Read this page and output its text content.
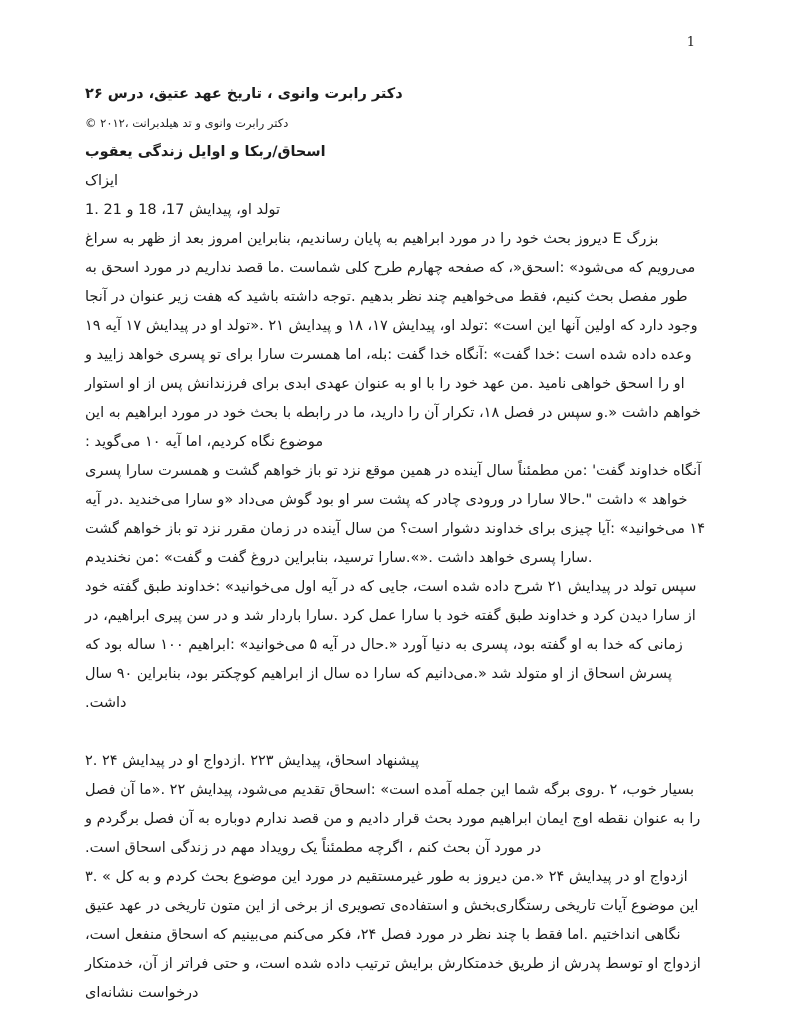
1
دکتر رابرت وانوی ، تاریخ عهد عتیق، درس ۲۶
دکتر رابرت وانوی و تد هیلدبرانت ،۲۰۱۲ ©
اسحاق/ربکا و اوایل زندگی یعقوب
ایزاک
تولد او، پیدایش 17، 18 و 21 .1

بزرگ E دیروز بحث خود را در مورد ابراهیم به پایان رساندیم، بنابراین امروز بعد از ظهر به سراغ می‌رویم که می‌شود» :اسحق«، که صفحه چهارم طرح کلی شماست .ما قصد نداریم در مورد اسحق به طور مفصل بحث کنیم، فقط می‌خواهیم چند نظر بدهیم .توجه داشته باشید که هفت زیر عنوان در آنجا وجود دارد که اولین آنها این است» :تولد او، پیدایش ۱۷، ۱۸ و پیدایش ۲۱ .«تولد او در پیدایش ۱۷ آیه ۱۹ وعده داده شده است :خدا گفت» :آنگاه خدا گفت :بله، اما همسرت سارا برای تو پسری خواهد زایید و او را اسحق خواهی نامید .من عهد خود را با او به عنوان عهدی ابدی برای فرزندانش پس از او استوار خواهم داشت «.و سپس در فصل ۱۸، تکرار آن را دارید، ما در رابطه با بحث خود در مورد ابراهیم به این موضوع نگاه کردیم، اما آیه ۱۰ می‌گوید :

آنگاه خداوند گفت' :من مطمئناً سال آینده در همین موقع نزد تو باز خواهم گشت و همسرت سارا پسری خواهد » داشت ".حالا سارا در ورودی چادر که پشت سر او بود گوش می‌داد «و سارا می‌خندید .در آیه ۱۴ می‌خوانید» :آیا چیزی برای خداوند دشوار است؟ من سال آینده در زمان مقرر نزد تو باز خواهم گشت .سارا پسری خواهد داشت .«».سارا ترسید، بنابراین دروغ گفت و گفت» :من نخندیدم

سپس تولد در پیدایش ۲۱ شرح داده شده است، جایی که در آیه اول می‌خوانید» :خداوند طبق گفته خود از سارا دیدن کرد و خداوند طبق گفته خود با سارا عمل کرد .سارا باردار شد و در سن پیری ابراهیم، در زمانی که خدا به او گفته بود، پسری به دنیا آورد «.حال در آیه ۵ می‌خوانید» :ابراهیم ۱۰۰ ساله بود که پسرش اسحاق از او متولد شد «.می‌دانیم که سارا ده سال از ابراهیم کوچکتر بود، بنابراین ۹۰ سال داشت.

پیشنهاد اسحاق، پیدایش ۲۲۳ .ازدواج او در پیدایش ۲۴ .۲

بسیار خوب، ۲ .روی برگه شما این جمله آمده است» :اسحاق تقدیم می‌شود، پیدایش ۲۲ .«ما آن فصل را به عنوان نقطه اوج ایمان ابراهیم مورد بحث قرار دادیم و من قصد ندارم دوباره به آن فصل برگردم و در مورد آن بحث کنم ، اگرچه مطمئناً یک رویداد مهم در زندگی اسحاق است.

ازدواج او در پیدایش ۲۴ «.من دیروز به طور غیرمستقیم در مورد این موضوع بحث کردم و به کل » .۳

این موضوع آیات تاریخی رستگاری‌بخش و استفاده‌ی تصویری از برخی از این متون تاریخی در عهد عتیق نگاهی انداختیم .اما فقط با چند نظر در مورد فصل ۲۴، فکر می‌کنم می‌بینیم که اسحاق منفعل است، ازدواج او توسط پدرش از طریق خدمتکارش برایش ترتیب داده شده است، و حتی فراتر از آن، خدمتکار درخواست نشانه‌ای
